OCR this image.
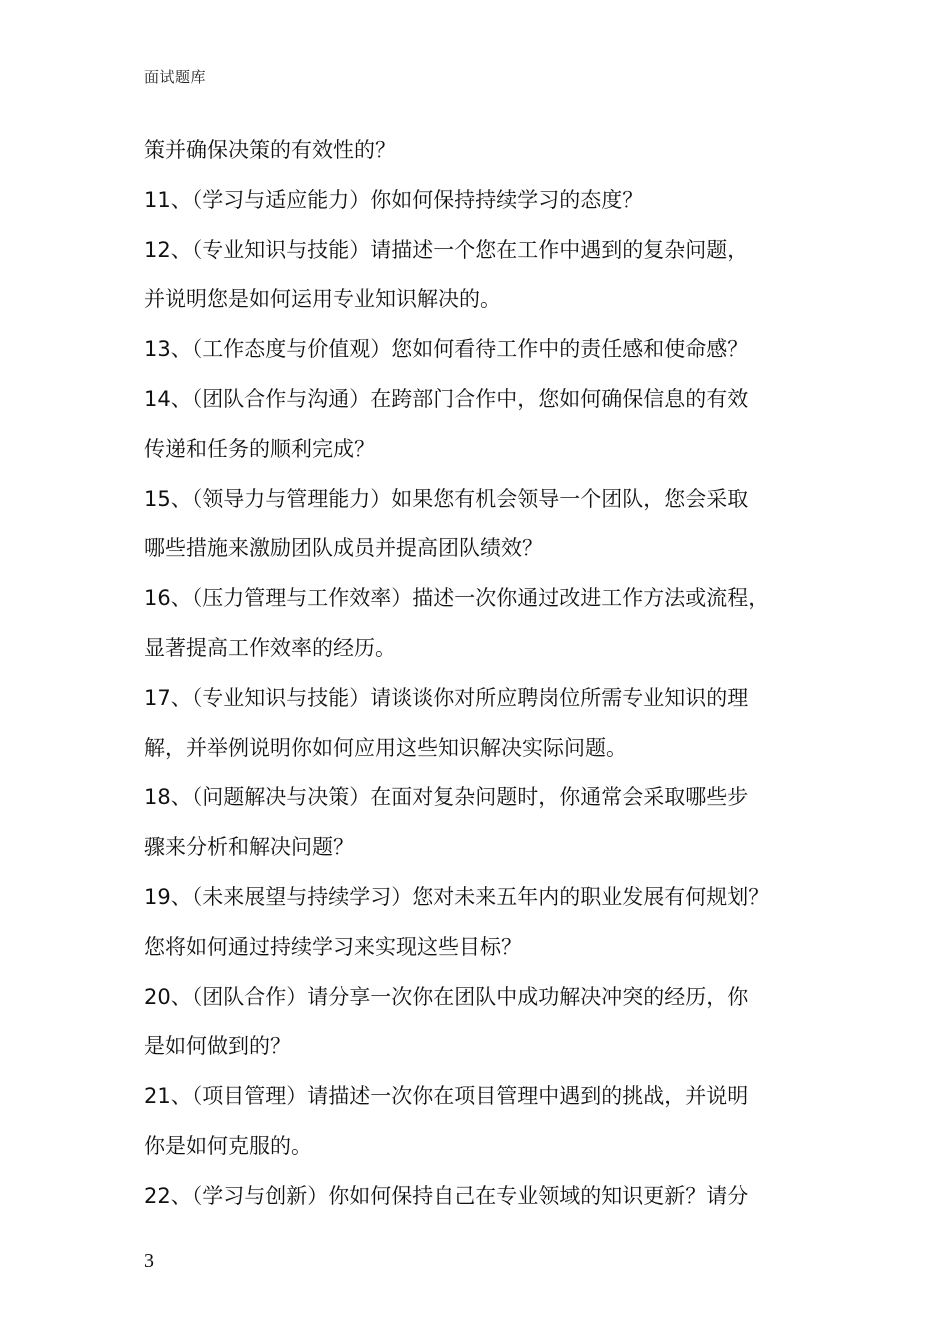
面试题库
策并确保决策的有效性的？
11、（学习与适应能力）你如何保持持续学习的态度？
12、（专业知识与技能）请描述一个您在工作中遇到的复杂问题，
并说明您是如何运用专业知识解决的。
13、（工作态度与价值观）您如何看待工作中的责任感和使命感？
14、（团队合作与沟通）在跨部门合作中，您如何确保信息的有效
传递和任务的顺利完成？
15、（领导力与管理能力）如果您有机会领导一个团队，您会采取
哪些措施来激励团队成员并提高团队绩效？
16、（压力管理与工作效率）描述一次你通过改进工作方法或流程，
显著提高工作效率的经历。
17、（专业知识与技能）请谈谈你对所应聘岗位所需专业知识的理
解，并举例说明你如何应用这些知识解决实际问题。
18、（问题解决与决策）在面对复杂问题时，你通常会采取哪些步
骤来分析和解决问题？
19、（未来展望与持续学习）您对未来五年内的职业发展有何规划？
您将如何通过持续学习来实现这些目标？
20、（团队合作）请分享一次你在团队中成功解决冲突的经历，你
是如何做到的？
21、（项目管理）请描述一次你在项目管理中遇到的挑战，并说明
你是如何克服的。
22、（学习与创新）你如何保持自己在专业领域的知识更新？请分
3
